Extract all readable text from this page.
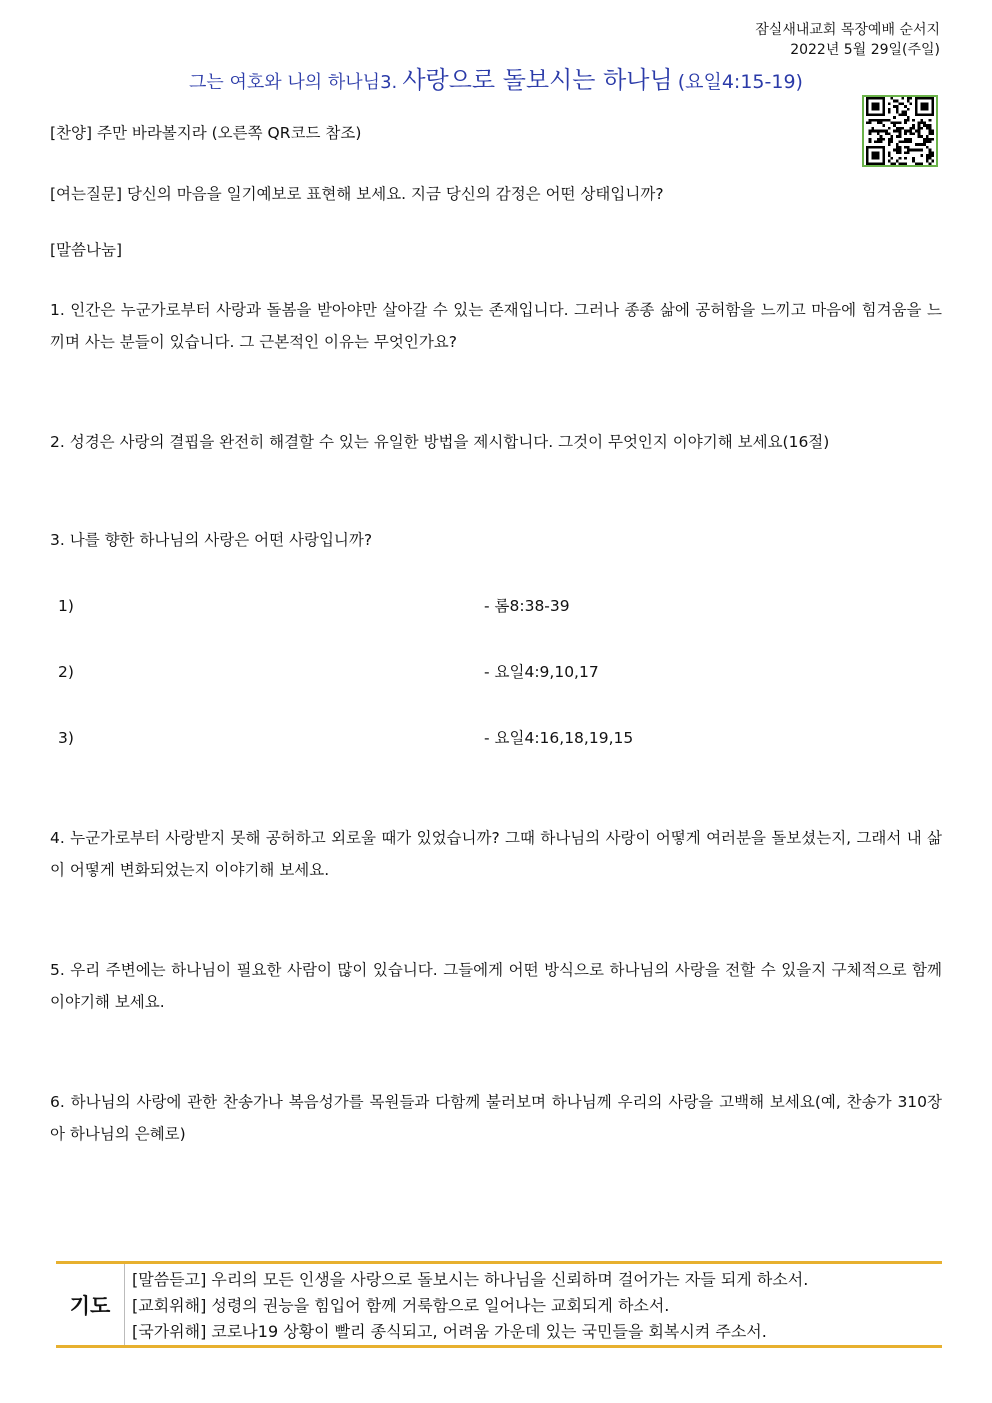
잠실새내교회 목장예배 순서지
2022년 5월 29일(주일)
그는 여호와 나의 하나님3. 사랑으로 돌보시는 하나님 (요일4:15-19)
[찬양] 주만 바라볼지라 (오른쪽 QR코드 참조)
[여는질문] 당신의 마음을 일기예보로 표현해 보세요. 지금 당신의 감정은 어떤 상태입니까?
[말씀나눔]
1. 인간은 누군가로부터 사랑과 돌봄을 받아야만 살아갈 수 있는 존재입니다. 그러나 종종 삶에 공허함을 느끼고 마음에 힘겨움을 느끼며 사는 분들이 있습니다. 그 근본적인 이유는 무엇인가요?
2. 성경은 사랑의 결핍을 완전히 해결할 수 있는 유일한 방법을 제시합니다. 그것이 무엇인지 이야기해 보세요(16절)
3. 나를 향한 하나님의 사랑은 어떤 사랑입니까?
1)	- 롬8:38-39
2)	- 요일4:9,10,17
3)	- 요일4:16,18,19,15
4. 누군가로부터 사랑받지 못해 공허하고 외로울 때가 있었습니까? 그때 하나님의 사랑이 어떻게 여러분을 돌보셨는지, 그래서 내 삶이 어떻게 변화되었는지 이야기해 보세요.
5. 우리 주변에는 하나님이 필요한 사람이 많이 있습니다. 그들에게 어떤 방식으로 하나님의 사랑을 전할 수 있을지 구체적으로 함께 이야기해 보세요.
6. 하나님의 사랑에 관한 찬송가나 복음성가를 목원들과 다함께 불러보며 하나님께 우리의 사랑을 고백해 보세요(예, 찬송가 310장 아 하나님의 은혜로)
기도
[말씀듣고] 우리의 모든 인생을 사랑으로 돌보시는 하나님을 신뢰하며 걸어가는 자들 되게 하소서.
[교회위해] 성령의 권능을 힘입어 함께 거룩함으로 일어나는 교회되게 하소서.
[국가위해] 코로나19 상황이 빨리 종식되고, 어려움 가운데 있는 국민들을 회복시켜 주소서.
